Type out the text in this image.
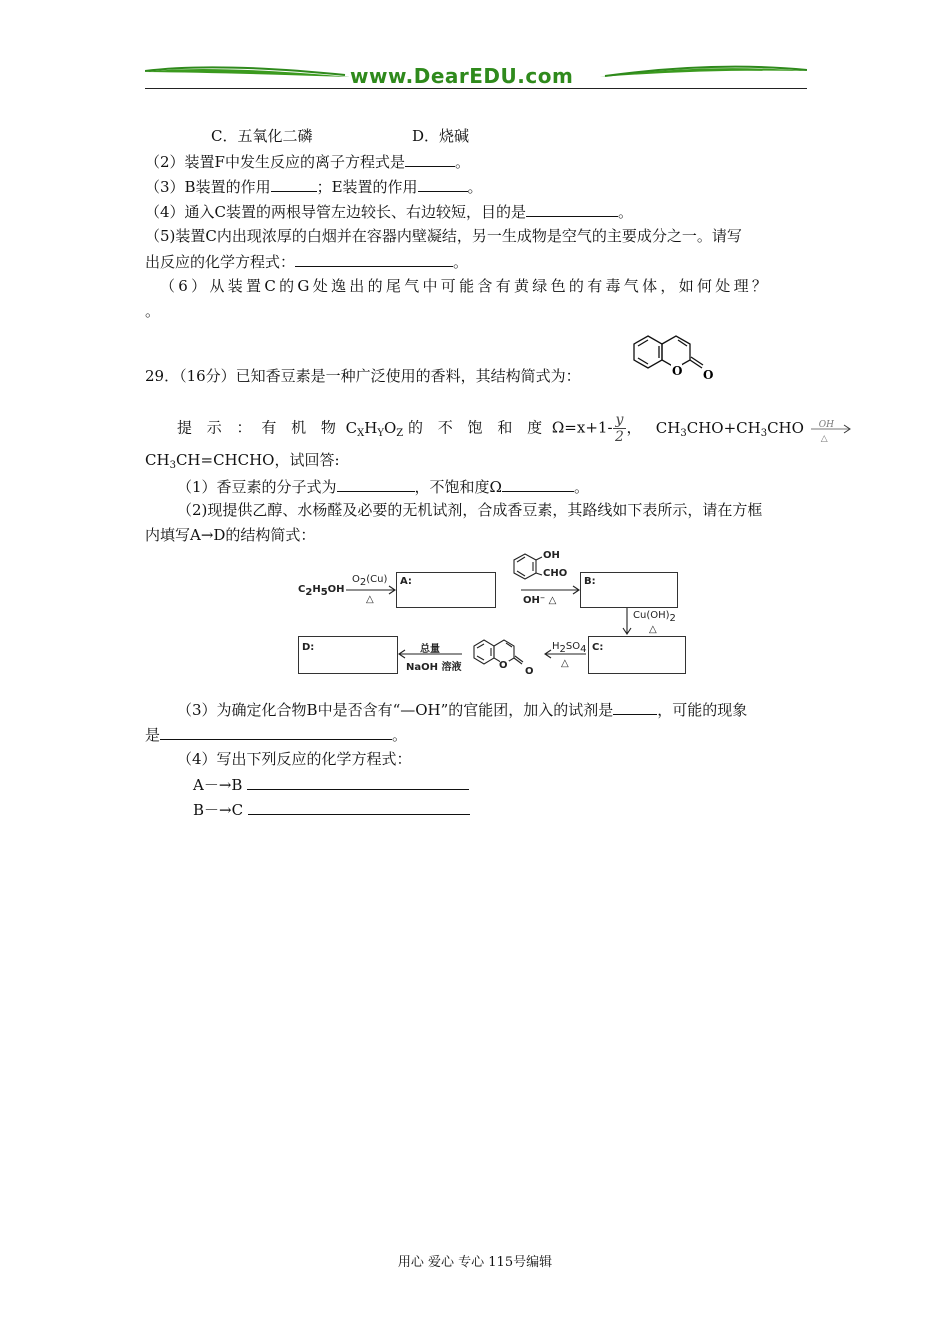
www.DearEDU.com
C．五氧化二磷	D．烧碱
（2）装置F中发生反应的离子方程式是	。
（3）B装置的作用	；E装置的作用	。
（4）通入C装置的两根导管左边较长、右边较短，目的是	。
（5)装置C内出现浓厚的白烟并在容器内壁凝结，另一生成物是空气的主要成分之一。请写
出反应的化学方程式：	。
（6）从装置C的G处逸出的尾气中可能含有黄绿色的有毒气体，如何处理？
。
29．（16分）已知香豆素是一种广泛使用的香料，其结构简式为：	O O
提 示 ： 有 机 物 $C_XH_YO_Z$ 的 不 饱 和 度 $\Omega=x+1- \frac{y}{2}$ ， $CH_3CHO+CH_3CHO$ OH
△
$CH_3CH=CHCHO$，试回答:
（1）香豆素的分子式为	，不饱和度Ω	。
（2)现提供乙醇、水杨醛及必要的无机试剂，合成香豆素，其路线如下表所示，请在方框
内填写A→D的结构简式：
$C_2H_5OH$
$O_2(Cu)$
△
A:
OH
CHO
OH⁻ △
B:
$Cu(OH)_2$
△
C:
$H_2SO_4$
△
O
O
总量
NaOH 溶液
D:
（3）为确定化合物B中是否含有“—OH”的官能团，加入的试剂是	，可能的现象
是	。
（4）写出下列反应的化学方程式：
A－→B
B－→C
用心 爱心 专心 115号编辑
